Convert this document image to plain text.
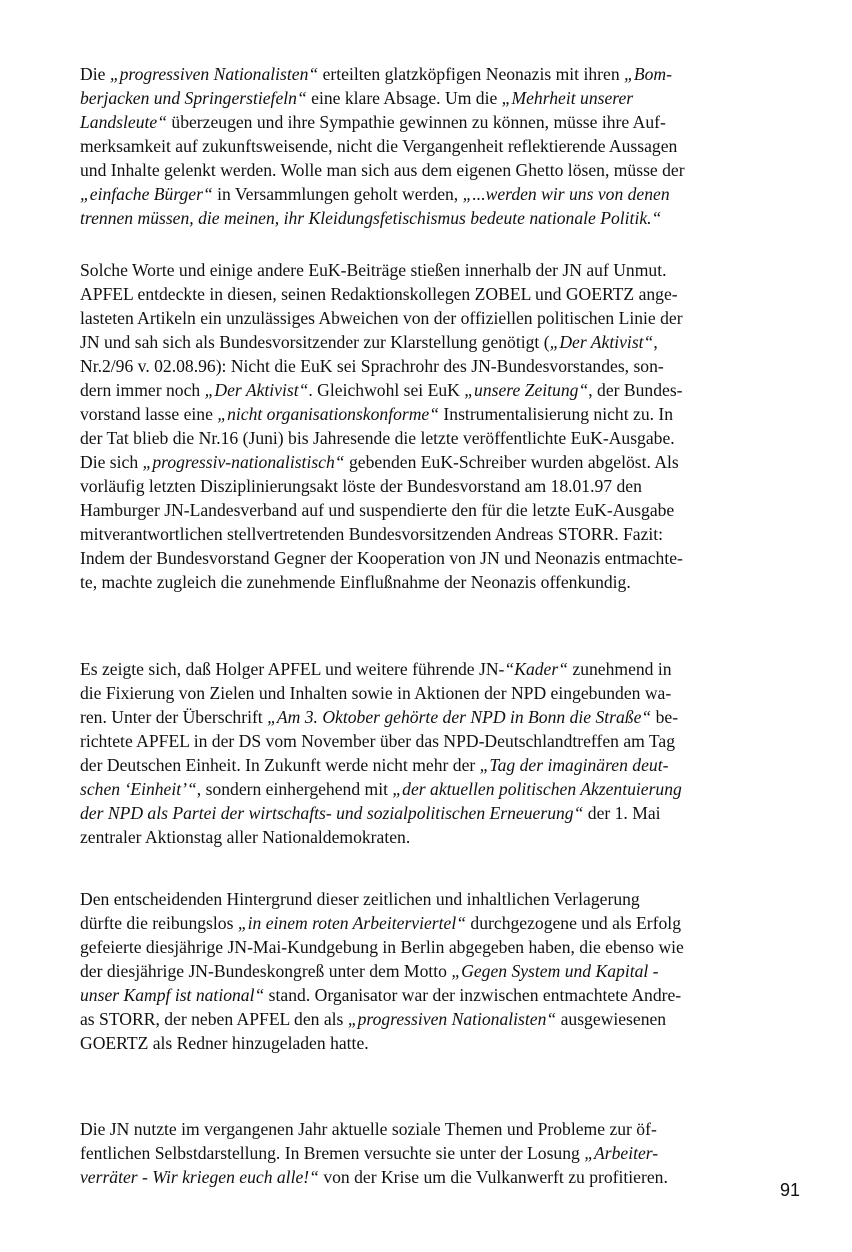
Die „progressiven Nationalisten“ erteilten glatzköpfigen Neonazis mit ihren „Bom-
berjacken und Springerstiefeln“ eine klare Absage. Um die „Mehrheit unserer
Landsleute“ überzeugen und ihre Sympathie gewinnen zu können, müsse ihre Auf-
merksamkeit auf zukunftsweisende, nicht die Vergangenheit reflektierende Aussagen
und Inhalte gelenkt werden. Wolle man sich aus dem eigenen Ghetto lösen, müsse der
„einfache Bürger“ in Versammlungen geholt werden, „...werden wir uns von denen
trennen müssen, die meinen, ihr Kleidungsfetischismus bedeute nationale Politik.“
Solche Worte und einige andere EuK-Beiträge stießen innerhalb der JN auf Unmut.
APFEL entdeckte in diesen, seinen Redaktionskollegen ZOBEL und GOERTZ ange-
lasteten Artikeln ein unzulässiges Abweichen von der offiziellen politischen Linie der
JN und sah sich als Bundesvorsitzender zur Klarstellung genötigt („Der Aktivist“,
Nr.2/96 v. 02.08.96): Nicht die EuK sei Sprachrohr des JN-Bundesvorstandes, son-
dern immer noch „Der Aktivist“. Gleichwohl sei EuK „unsere Zeitung“, der Bundes-
vorstand lasse eine „nicht organisationskonforme“ Instrumentalisierung nicht zu. In
der Tat blieb die Nr.16 (Juni) bis Jahresende die letzte veröffentlichte EuK-Ausgabe.
Die sich „progressiv-nationalistisch“ gebenden EuK-Schreiber wurden abgelöst. Als
vorläufig letzten Disziplinierungsakt löste der Bundesvorstand am 18.01.97 den
Hamburger JN-Landesverband auf und suspendierte den für die letzte EuK-Ausgabe
mitverantwortlichen stellvertretenden Bundesvorsitzenden Andreas STORR. Fazit:
Indem der Bundesvorstand Gegner der Kooperation von JN und Neonazis entmachte-
te, machte zugleich die zunehmende Einflußnahme der Neonazis offenkundig.
Es zeigte sich, daß Holger APFEL und weitere führende JN-“Kader“ zunehmend in
die Fixierung von Zielen und Inhalten sowie in Aktionen der NPD eingebunden wa-
ren. Unter der Überschrift „Am 3. Oktober gehörte der NPD in Bonn die Straße“ be-
richtete APFEL in der DS vom November über das NPD-Deutschlandtreffen am Tag
der Deutschen Einheit. In Zukunft werde nicht mehr der „Tag der imaginären deut-
schen ‘Einheit’“, sondern einhergehend mit „der aktuellen politischen Akzentuierung
der NPD als Partei der wirtschafts- und sozialpolitischen Erneuerung“ der 1. Mai
zentraler Aktionstag aller Nationaldemokraten.
Den entscheidenden Hintergrund dieser zeitlichen und inhaltlichen Verlagerung
dürfte die reibungslos „in einem roten Arbeiterviertel“ durchgezogene und als Erfolg
gefeierte diesjährige JN-Mai-Kundgebung in Berlin abgegeben haben, die ebenso wie
der diesjährige JN-Bundeskongreß unter dem Motto „Gegen System und Kapital -
unser Kampf ist national“ stand. Organisator war der inzwischen entmachtete Andre-
as STORR, der neben APFEL den als „progressiven Nationalisten“ ausgewiesenen
GOERTZ als Redner hinzugeladen hatte.
Die JN nutzte im vergangenen Jahr aktuelle soziale Themen und Probleme zur öf-
fentlichen Selbstdarstellung. In Bremen versuchte sie unter der Losung „Arbeiter-
verräter - Wir kriegen euch alle!“ von der Krise um die Vulkanwerft zu profitieren.
91
